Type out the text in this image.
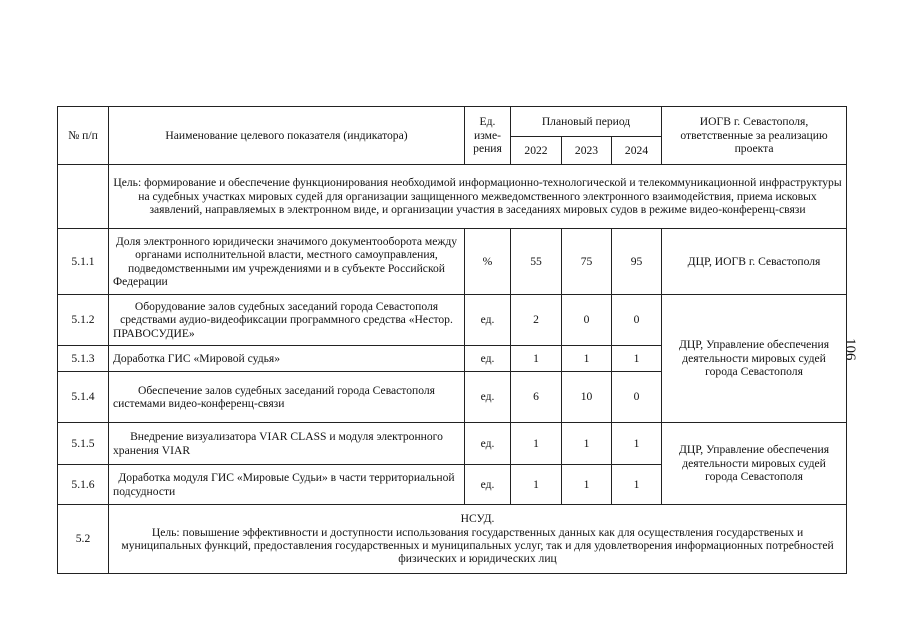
106
№ п/п	Наименование целевого показателя (индикатора)	Ед. изме-рения	Плановый период			ИОГВ г. Севастополя, ответственные за реализацию проекта
			2022	2023	2024	
	Цель: формирование и обеспечение функционирования необходимой информационно-технологической и телекоммуникационной инфраструктуры на судебных участках мировых судей для организации защищенного межведомственного электронного взаимодействия, приема исковых заявлений, направляемых в электронном виде, и организации участия в заседаниях мировых судов в режиме видео-конференц-связи					
5.1.1	Доля электронного юридически значимого документооборота между органами исполнительной власти, местного самоуправления, подведомственными им учреждениями и в субъекте Российской Федерации	%	55	75	95	ДЦР, ИОГВ г. Севастополя
5.1.2	Оборудование залов судебных заседаний города Севастополя средствами аудио-видеофиксации программного средства «Нестор. ПРАВОСУДИЕ»	ед.	2	0	0	ДЦР, Управление обеспечения деятельности мировых судей города Севастополя
5.1.3	Доработка ГИС «Мировой судья»	ед.	1	1	1	
5.1.4	Обеспечение залов судебных заседаний города Севастополя системами видео-конференц-связи	ед.	6	10	0	
5.1.5	Внедрение визуализатора VIAR CLASS и модуля электронного хранения VIAR	ед.	1	1	1	ДЦР, Управление обеспечения деятельности мировых судей города Севастополя
5.1.6	Доработка модуля ГИС «Мировые Судьи» в части территориальной подсудности	ед.	1	1	1	
5.2	НСУД.
Цель: повышение эффективности и доступности использования государственных данных как для осуществления государственых и муниципальных функций, предоставления государственных и муниципальных услуг, так и для удовлетворения информационных потребностей физических и юридических лиц					
